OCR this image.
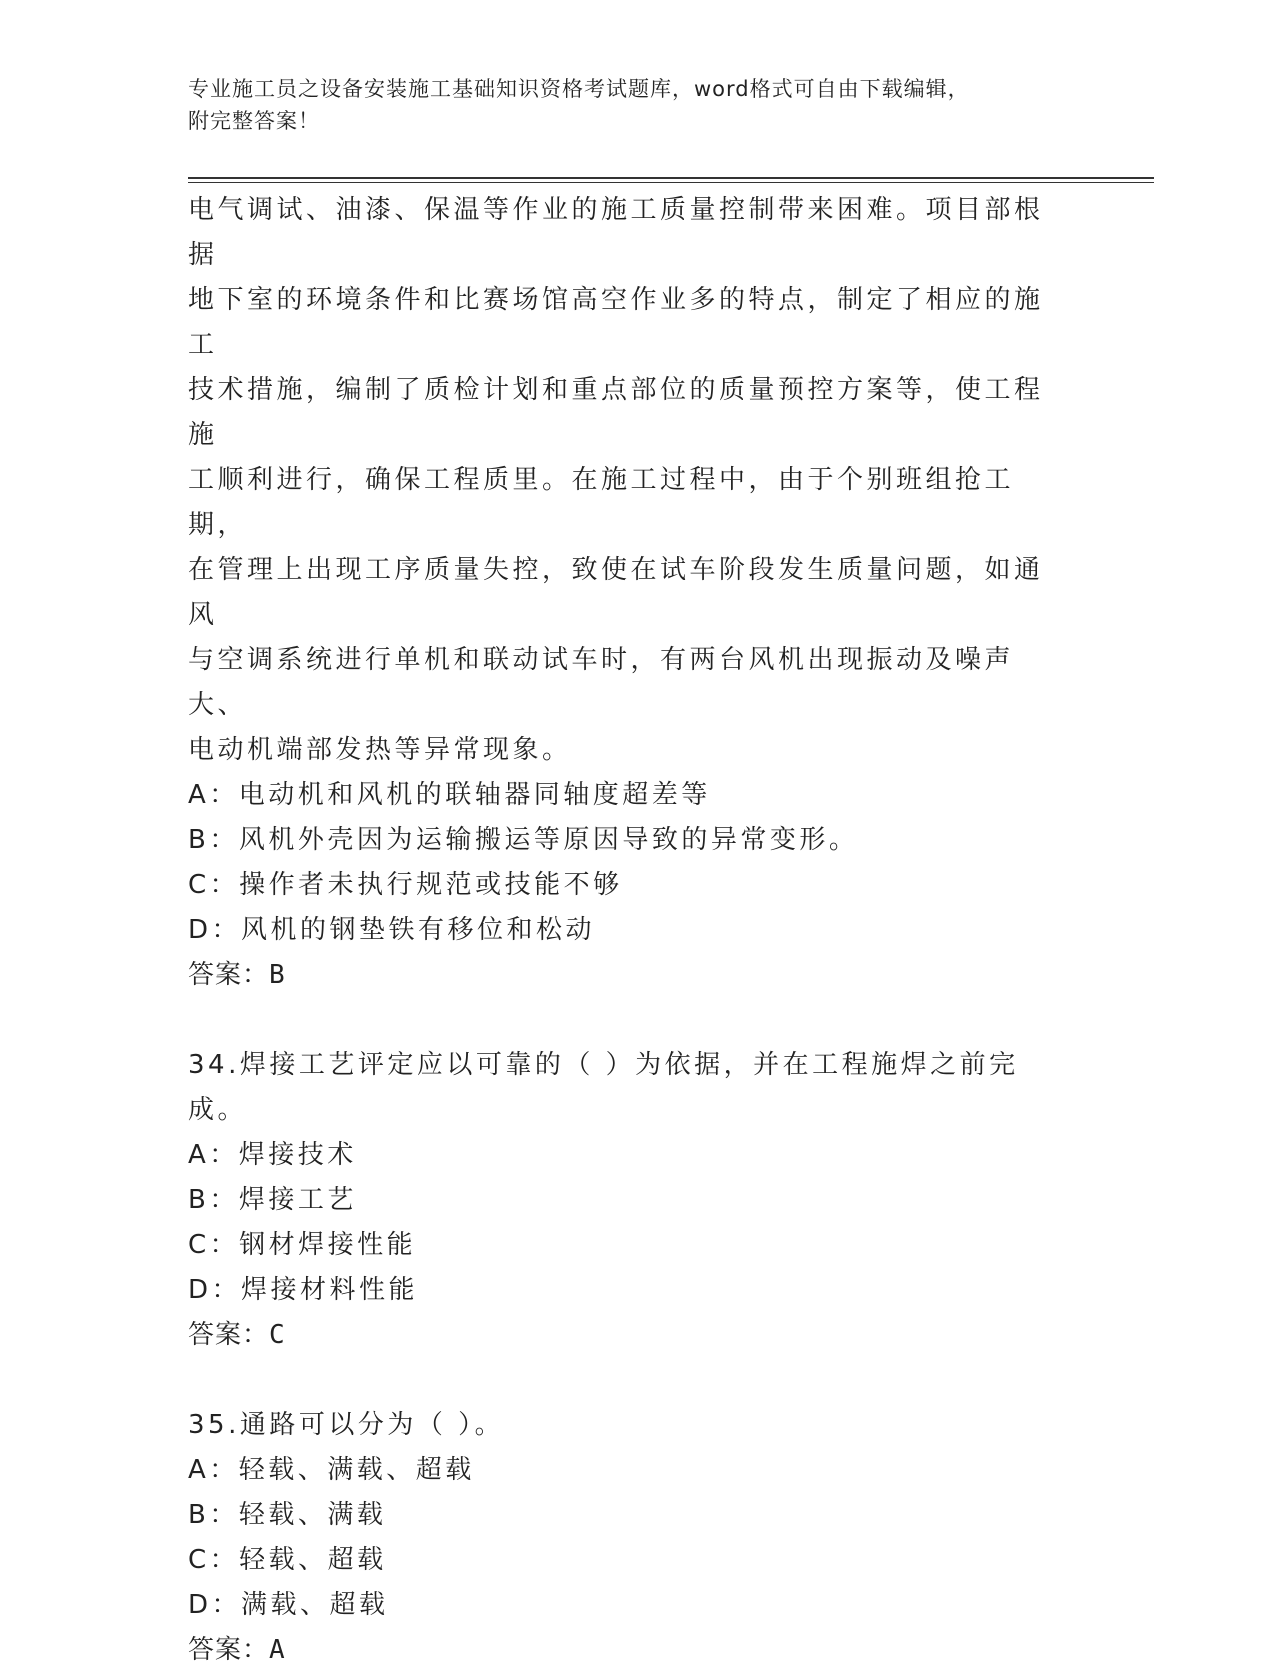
专业施工员之设备安装施工基础知识资格考试题库，word格式可自由下载编辑，
附完整答案！

电气调试、油漆、保温等作业的施工质量控制带来困难。项目部根据

地下室的环境条件和比赛场馆高空作业多的特点，制定了相应的施工

技术措施，编制了质检计划和重点部位的质量预控方案等，使工程施

工顺利进行，确保工程质里。在施工过程中，由于个别班组抢工期，

在管理上出现工序质量失控，致使在试车阶段发生质量问题，如通风

与空调系统进行单机和联动试车时，有两台风机出现振动及噪声大、

电动机端部发热等异常现象。

A：电动机和风机的联轴器同轴度超差等

B：风机外壳因为运输搬运等原因导致的异常变形。

C：操作者未执行规范或技能不够

D：风机的钢垫铁有移位和松动

答案：B

34.焊接工艺评定应以可靠的（ ）为依据，并在工程施焊之前完成。

A：焊接技术

B：焊接工艺

C：钢材焊接性能

D：焊接材料性能

答案：C

35.通路可以分为（ ）。

A：轻载、满载、超载

B：轻载、满载

C：轻载、超载

D：满载、超载

答案：A
